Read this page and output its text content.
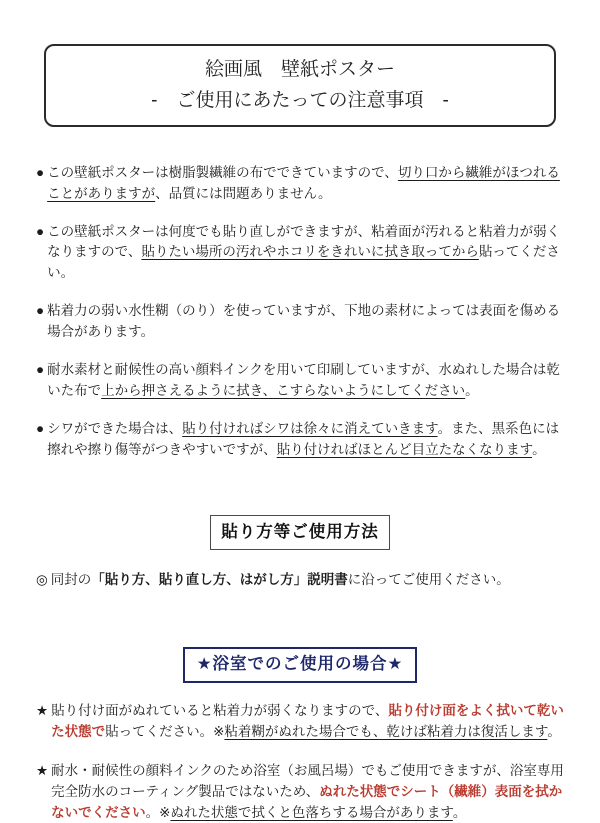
絵画風　壁紙ポスター
-　ご使用にあたっての注意事項　-
● この壁紙ポスターは樹脂製繊維の布でできていますので、切り口から繊維がほつれることがありますが、品質には問題ありません。
● この壁紙ポスターは何度でも貼り直しができますが、粘着面が汚れると粘着力が弱くなりますので、貼りたい場所の汚れやホコリをきれいに拭き取ってから貼ってください。
● 粘着力の弱い水性糊（のり）を使っていますが、下地の素材によっては表面を傷める場合があります。
● 耐水素材と耐候性の高い顔料インクを用いて印刷していますが、水ぬれした場合は乾いた布で上から押さえるように拭き、こすらないようにしてください。
● シワができた場合は、貼り付ければシワは徐々に消えていきます。また、黒系色には擦れや擦り傷等がつきやすいですが、貼り付ければほとんど目立たなくなります。
貼り方等ご使用方法
◎ 同封の「貼り方、貼り直し方、はがし方」説明書に沿ってご使用ください。
★浴室でのご使用の場合★
★ 貼り付け面がぬれていると粘着力が弱くなりますので、貼り付け面をよく拭いて乾いた状態で貼ってください。※粘着糊がぬれた場合でも、乾けば粘着力は復活します。
★ 耐水・耐候性の顔料インクのため浴室（お風呂場）でもご使用できますが、浴室専用完全防水のコーティング製品ではないため、ぬれた状態でシート（繊維）表面を拭かないでください。※ぬれた状態で拭くと色落ちする場合があります。
